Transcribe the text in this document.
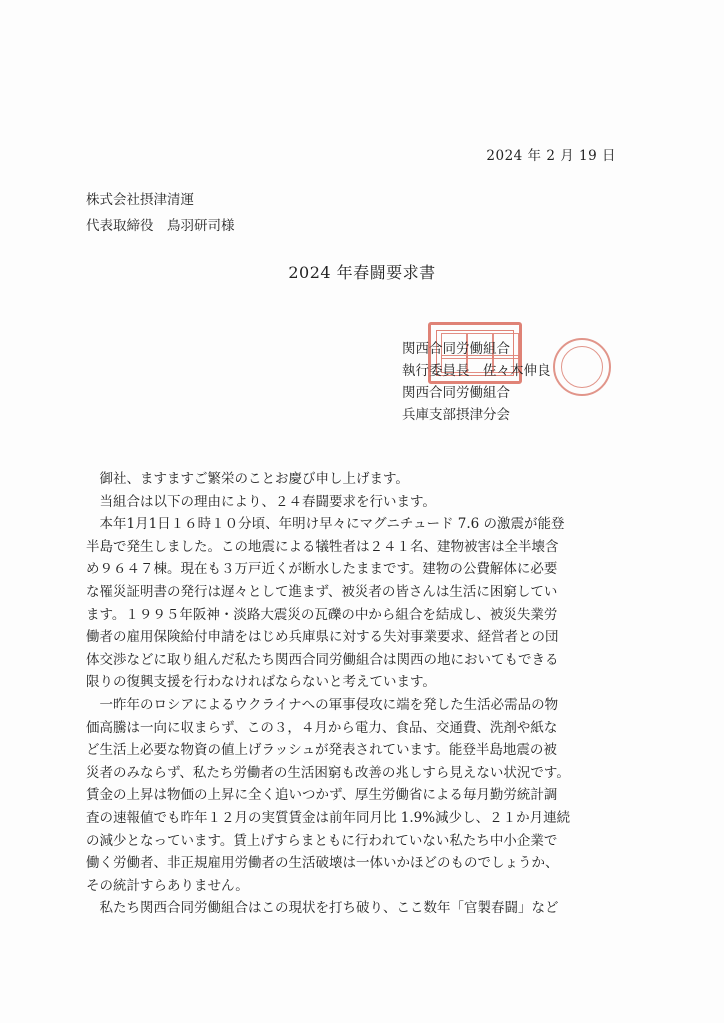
2024 年 2 月 19 日
株式会社摂津清運
代表取締役　鳥羽研司様
2024 年春闘要求書
関西合同労働組合
執行委員長　佐々木伸良
関西合同労働組合
兵庫支部摂津分会
　御社、ますますご繁栄のことお慶び申し上げます。
　当組合は以下の理由により、２４春闘要求を行います。
　本年1月1日１６時１０分頃、年明け早々にマグニチュード 7.6 の激震が能登
半島で発生しました。この地震による犠牲者は２４１名、建物被害は全半壊含
め９６４７棟。現在も３万戸近くが断水したままです。建物の公費解体に必要
な罹災証明書の発行は遅々として進まず、被災者の皆さんは生活に困窮してい
ます。１９９５年阪神・淡路大震災の瓦礫の中から組合を結成し、被災失業労
働者の雇用保険給付申請をはじめ兵庫県に対する失対事業要求、経営者との団
体交渉などに取り組んだ私たち関西合同労働組合は関西の地においてもできる
限りの復興支援を行わなければならないと考えています。
　一昨年のロシアによるウクライナへの軍事侵攻に端を発した生活必需品の物
価高騰は一向に収まらず、この３，４月から電力、食品、交通費、洗剤や紙な
ど生活上必要な物資の値上げラッシュが発表されています。能登半島地震の被
災者のみならず、私たち労働者の生活困窮も改善の兆しすら見えない状況です。
賃金の上昇は物価の上昇に全く追いつかず、厚生労働省による毎月勤労統計調
査の速報値でも昨年１２月の実質賃金は前年同月比 1.9%減少し、２１か月連続
の減少となっています。賃上げすらまともに行われていない私たち中小企業で
働く労働者、非正規雇用労働者の生活破壊は一体いかほどのものでしょうか、
その統計すらありません。
　私たち関西合同労働組合はこの現状を打ち破り、ここ数年「官製春闘」など
